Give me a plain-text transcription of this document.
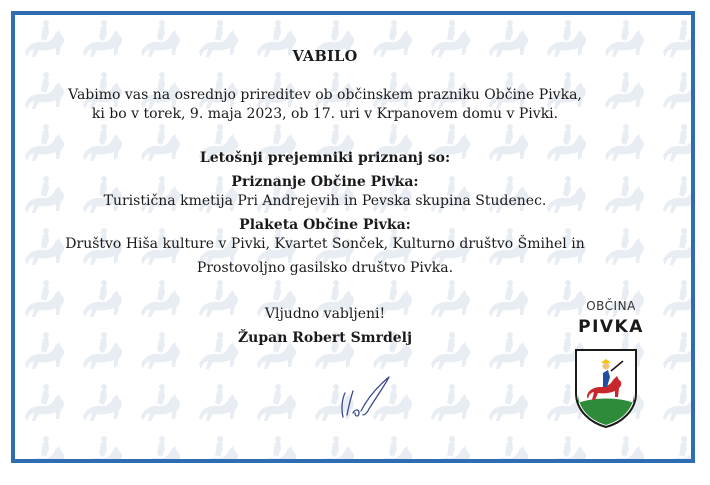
VABILO
Vabimo vas na osrednjo prireditev ob občinskem prazniku Občine Pivka,
ki bo v torek, 9. maja 2023, ob 17. uri v Krpanovem domu v Pivki.
Letošnji prejemniki priznanj so:
Priznanje Občine Pivka:
Turistična kmetija Pri Andrejevih in Pevska skupina Studenec.
Plaketa Občine Pivka:
Društvo Hiša kulture v Pivki, Kvartet Sonček, Kulturno društvo Šmihel in
Prostovoljno gasilsko društvo Pivka.
Vljudno vabljeni!
Župan Robert Smrdelj
OBČINA
PIVKA
